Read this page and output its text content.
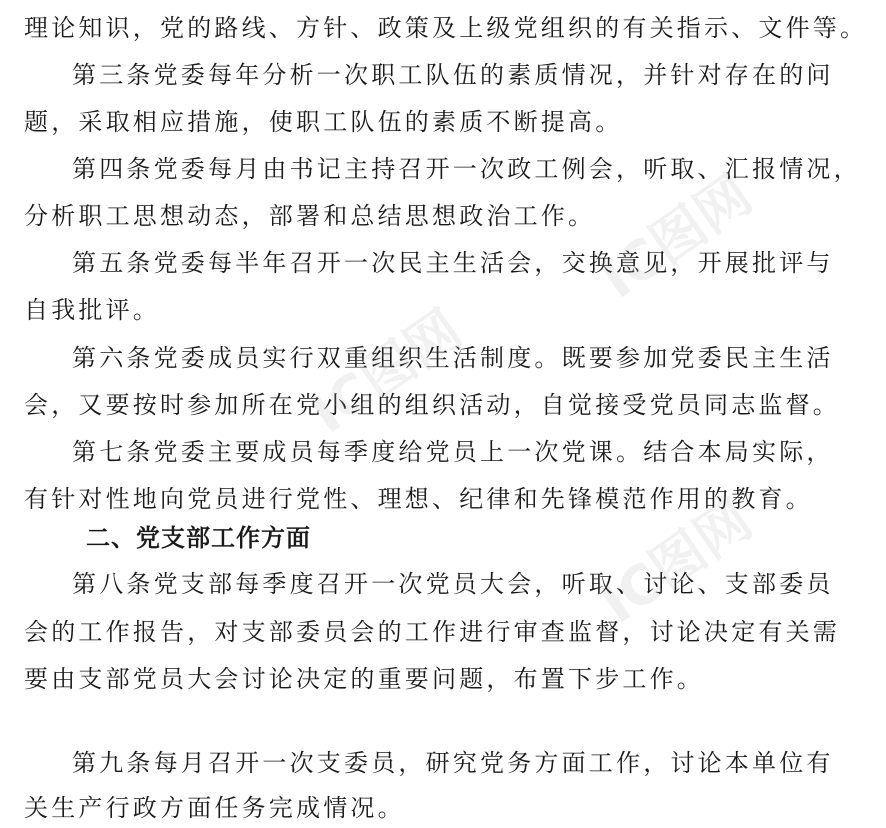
理论知识，党的路线、方针、政策及上级党组织的有关指示、文件等。
第三条党委每年分析一次职工队伍的素质情况，并针对存在的问
题，采取相应措施，使职工队伍的素质不断提高。
第四条党委每月由书记主持召开一次政工例会，听取、汇报情况，
分析职工思想动态，部署和总结思想政治工作。
第五条党委每半年召开一次民主生活会，交换意见，开展批评与
自我批评。
第六条党委成员实行双重组织生活制度。既要参加党委民主生活
会，又要按时参加所在党小组的组织活动，自觉接受党员同志监督。
第七条党委主要成员每季度给党员上一次党课。结合本局实际，
有针对性地向党员进行党性、理想、纪律和先锋模范作用的教育。
二、党支部工作方面
第八条党支部每季度召开一次党员大会，听取、讨论、支部委员
会的工作报告，对支部委员会的工作进行审查监督，讨论决定有关需
要由支部党员大会讨论决定的重要问题，布置下步工作。
第九条每月召开一次支委员，研究党务方面工作，讨论本单位有
关生产行政方面任务完成情况。
IC图网
IC图网
IC图网
